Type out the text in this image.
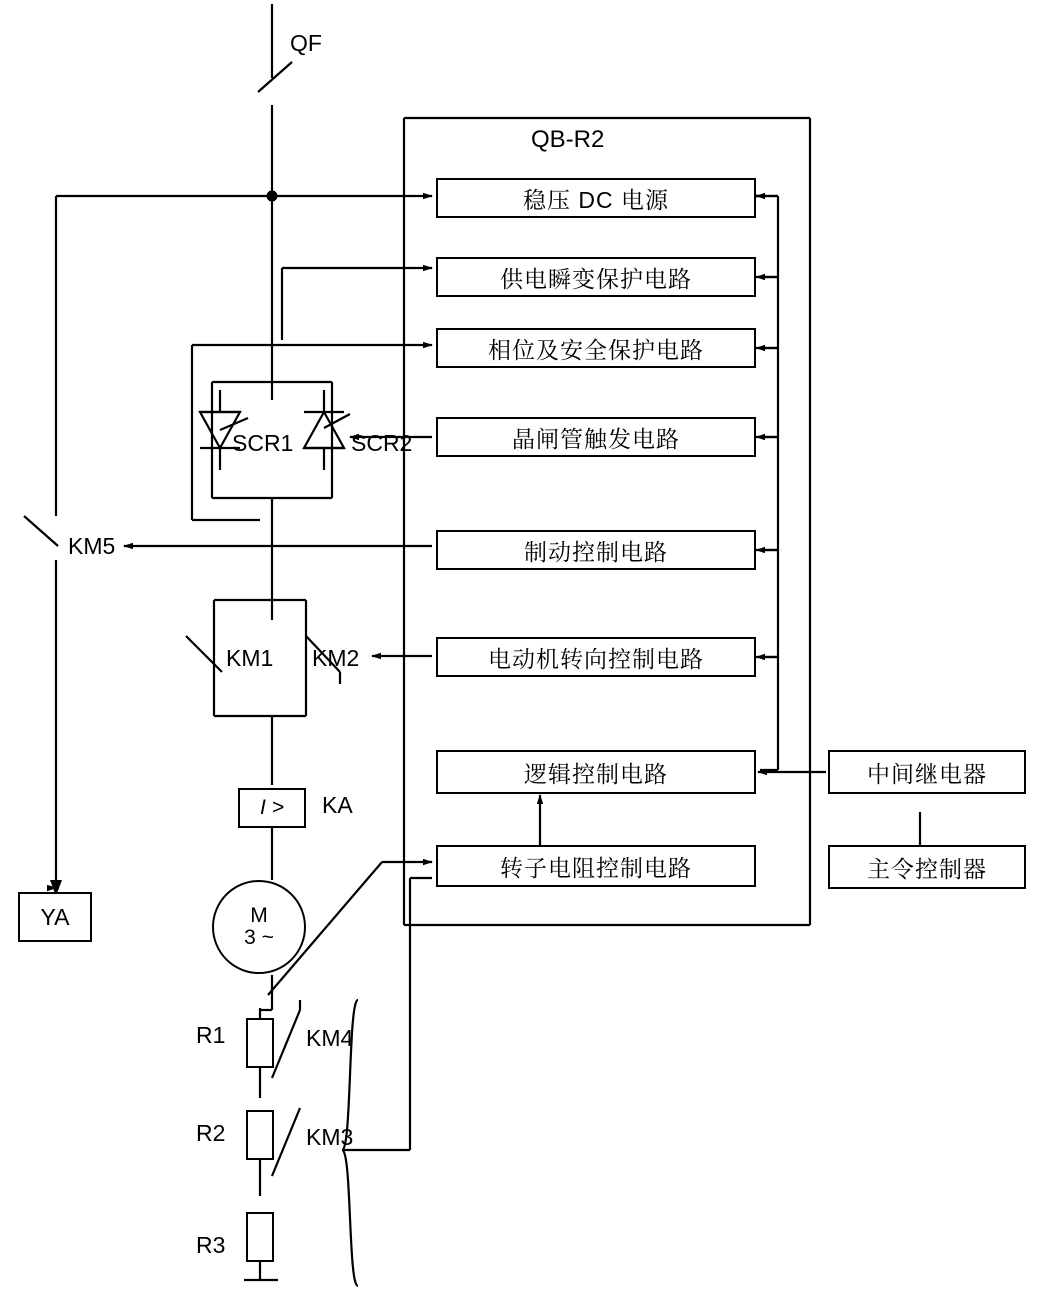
QB-R2
稳压 DC 电源
供电瞬变保护电路
相位及安全保护电路
晶闸管触发电路
制动控制电路
电动机转向控制电路
逻辑控制电路
转子电阻控制电路
中间继电器
主令控制器
QF
SCR1	SCR2
KM5
KM1 KM2
KA
R1
R2
R3
KM4
KM3
I >
M
3 ~
YA
